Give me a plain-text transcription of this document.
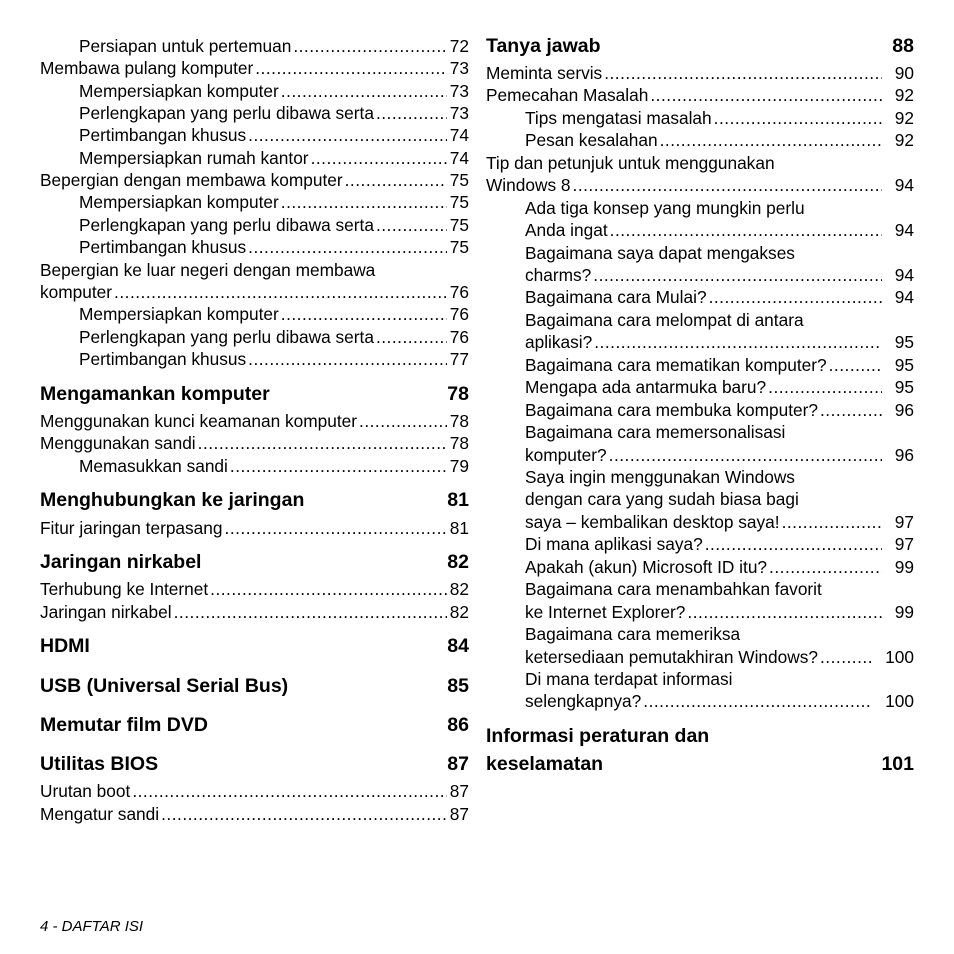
Persiapan untuk pertemuan .....	72
Membawa pulang komputer .....	73
Mempersiapkan komputer .....	73
Perlengkapan yang perlu dibawa serta .....	73
Pertimbangan khusus .....	74
Mempersiapkan rumah kantor .....	74
Bepergian dengan membawa komputer .....	75
Mempersiapkan komputer .....	75
Perlengkapan yang perlu dibawa serta .....	75
Pertimbangan khusus .....	75
Bepergian ke luar negeri dengan membawa
komputer .....	76
Mempersiapkan komputer .....	76
Perlengkapan yang perlu dibawa serta .....	76
Pertimbangan khusus .....	77
Mengamankan komputer	78
Menggunakan kunci keamanan komputer .....	78
Menggunakan sandi .....	78
Memasukkan sandi .....	79
Menghubungkan ke jaringan	81
Fitur jaringan terpasang .....	81
Jaringan nirkabel	82
Terhubung ke Internet .....	82
Jaringan nirkabel .....	82
HDMI	84
USB (Universal Serial Bus)	85
Memutar film DVD	86
Utilitas BIOS	87
Urutan boot .....	87
Mengatur sandi .....	87
Tanya jawab	88
Meminta servis .....	90
Pemecahan Masalah .....	92
Tips mengatasi masalah .....	92
Pesan kesalahan .....	92
Tip dan petunjuk untuk menggunakan
Windows 8 .....	94
Ada tiga konsep yang mungkin perlu
Anda ingat .....	94
Bagaimana saya dapat mengakses
charms? .....	94
Bagaimana cara Mulai? .....	94
Bagaimana cara melompat di antara
aplikasi? .....	95
Bagaimana cara mematikan komputer? .....	95
Mengapa ada antarmuka baru? .....	95
Bagaimana cara membuka komputer? .....	96
Bagaimana cara memersonalisasi
komputer? .....	96
Saya ingin menggunakan Windows
dengan cara yang sudah biasa bagi
saya – kembalikan desktop saya! .....	97
Di mana aplikasi saya? .....	97
Apakah (akun) Microsoft ID itu? .....	99
Bagaimana cara menambahkan favorit
ke Internet Explorer? .....	99
Bagaimana cara memeriksa
ketersediaan pemutakhiran Windows? .....	100
Di mana terdapat informasi
selengkapnya? .....	100
Informasi peraturan dan
keselamatan	101
4 - DAFTAR ISI
